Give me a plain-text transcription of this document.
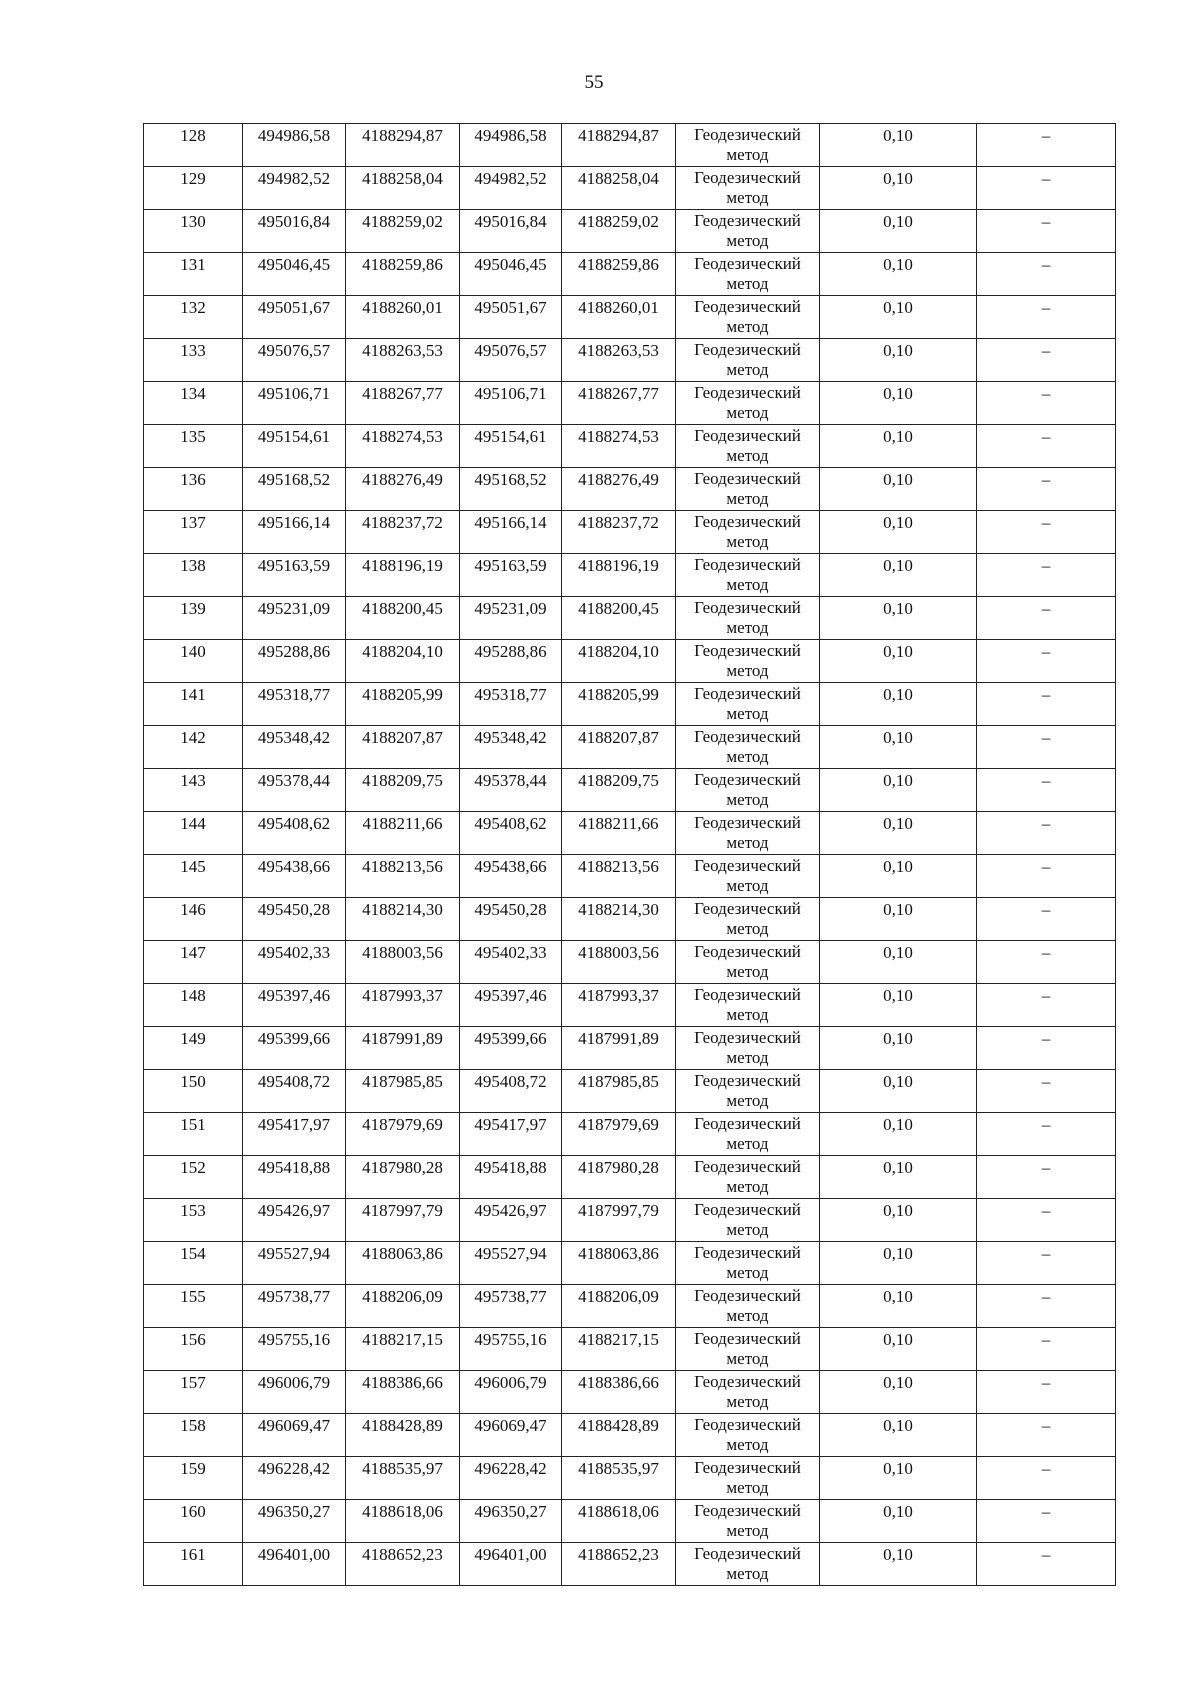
55
128	494986,58	4188294,87	494986,58	4188294,87	Геодезический метод	0,10	–

129	494982,52	4188258,04	494982,52	4188258,04	Геодезический метод	0,10	–

130	495016,84	4188259,02	495016,84	4188259,02	Геодезический метод	0,10	–

131	495046,45	4188259,86	495046,45	4188259,86	Геодезический метод	0,10	–

132	495051,67	4188260,01	495051,67	4188260,01	Геодезический метод	0,10	–

133	495076,57	4188263,53	495076,57	4188263,53	Геодезический метод	0,10	–

134	495106,71	4188267,77	495106,71	4188267,77	Геодезический метод	0,10	–

135	495154,61	4188274,53	495154,61	4188274,53	Геодезический метод	0,10	–

136	495168,52	4188276,49	495168,52	4188276,49	Геодезический метод	0,10	–

137	495166,14	4188237,72	495166,14	4188237,72	Геодезический метод	0,10	–

138	495163,59	4188196,19	495163,59	4188196,19	Геодезический метод	0,10	–

139	495231,09	4188200,45	495231,09	4188200,45	Геодезический метод	0,10	–

140	495288,86	4188204,10	495288,86	4188204,10	Геодезический метод	0,10	–

141	495318,77	4188205,99	495318,77	4188205,99	Геодезический метод	0,10	–

142	495348,42	4188207,87	495348,42	4188207,87	Геодезический метод	0,10	–

143	495378,44	4188209,75	495378,44	4188209,75	Геодезический метод	0,10	–

144	495408,62	4188211,66	495408,62	4188211,66	Геодезический метод	0,10	–

145	495438,66	4188213,56	495438,66	4188213,56	Геодезический метод	0,10	–

146	495450,28	4188214,30	495450,28	4188214,30	Геодезический метод	0,10	–

147	495402,33	4188003,56	495402,33	4188003,56	Геодезический метод	0,10	–

148	495397,46	4187993,37	495397,46	4187993,37	Геодезический метод	0,10	–

149	495399,66	4187991,89	495399,66	4187991,89	Геодезический метод	0,10	–

150	495408,72	4187985,85	495408,72	4187985,85	Геодезический метод	0,10	–

151	495417,97	4187979,69	495417,97	4187979,69	Геодезический метод	0,10	–

152	495418,88	4187980,28	495418,88	4187980,28	Геодезический метод	0,10	–

153	495426,97	4187997,79	495426,97	4187997,79	Геодезический метод	0,10	–

154	495527,94	4188063,86	495527,94	4188063,86	Геодезический метод	0,10	–

155	495738,77	4188206,09	495738,77	4188206,09	Геодезический метод	0,10	–

156	495755,16	4188217,15	495755,16	4188217,15	Геодезический метод	0,10	–

157	496006,79	4188386,66	496006,79	4188386,66	Геодезический метод	0,10	–

158	496069,47	4188428,89	496069,47	4188428,89	Геодезический метод	0,10	–

159	496228,42	4188535,97	496228,42	4188535,97	Геодезический метод	0,10	–

160	496350,27	4188618,06	496350,27	4188618,06	Геодезический метод	0,10	–

161	496401,00	4188652,23	496401,00	4188652,23	Геодезический метод	0,10	–
